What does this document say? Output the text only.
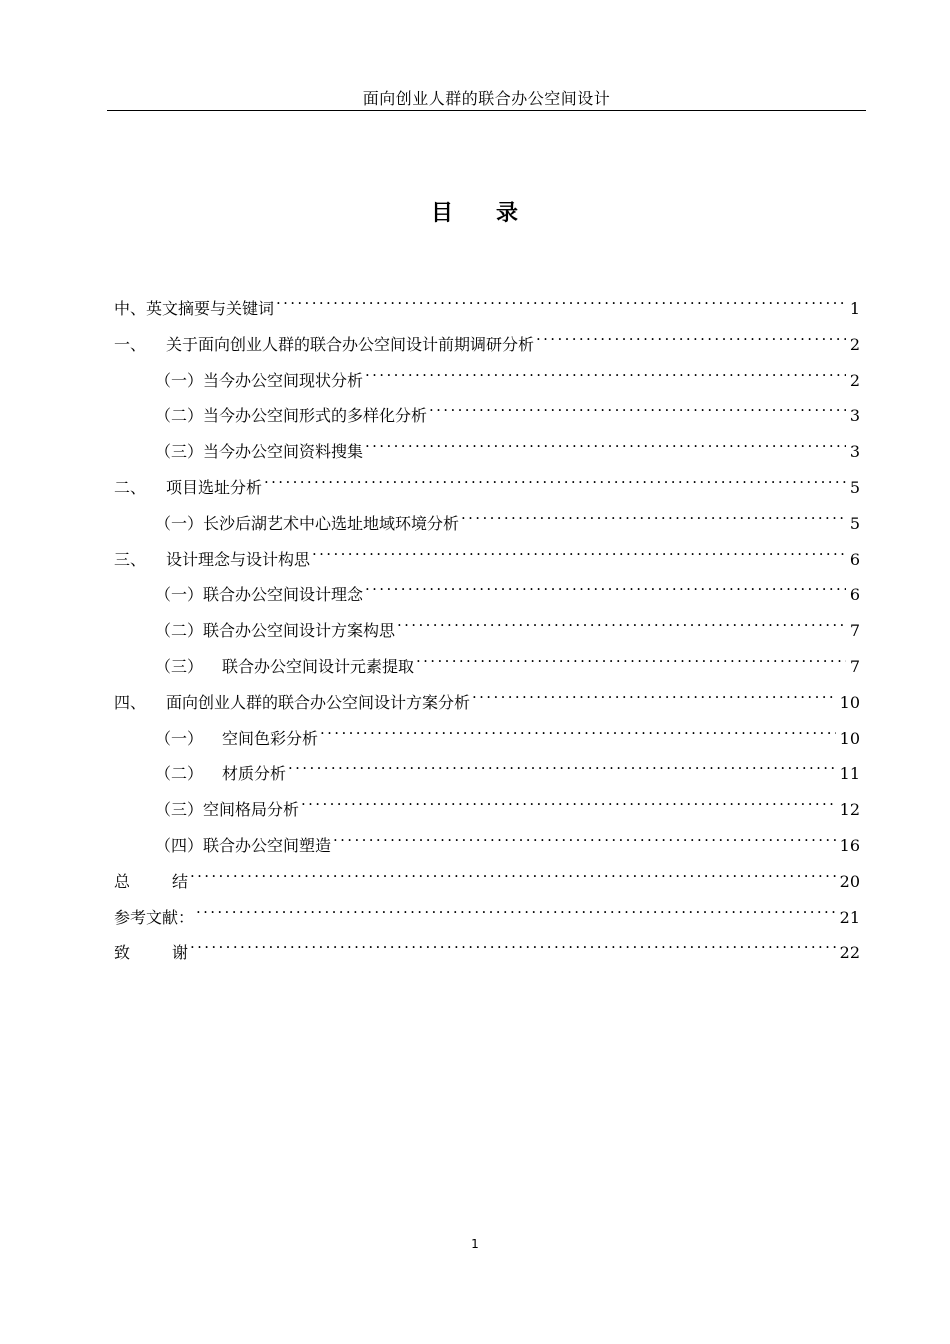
面向创业人群的联合办公空间设计
目 录
中、英文摘要与关键词 . . .	1
一、 关于面向创业人群的联合办公空间设计前期调研分析 . . .	2
（一）当今办公空间现状分析 . . .	2
（二）当今办公空间形式的多样化分析 . . .	3
（三）当今办公空间资料搜集 . . .	3
二、 项目选址分析 . . .	5
（一）长沙后湖艺术中心选址地域环境分析 . . .	5
三、 设计理念与设计构思 . . .	6
（一）联合办公空间设计理念 . . .	6
（二）联合办公空间设计方案构思 . . .	7
（三） 联合办公空间设计元素提取 . . .	7
四、 面向创业人群的联合办公空间设计方案分析 . . .	10
（一） 空间色彩分析 . . .	10
（二） 材质分析 . . .	11
（三）空间格局分析 . . .	12
（四）联合办公空间塑造 . . .	16
总	结 . . .	20
参考文献： . . .	21
致	谢 . . .	22
1
